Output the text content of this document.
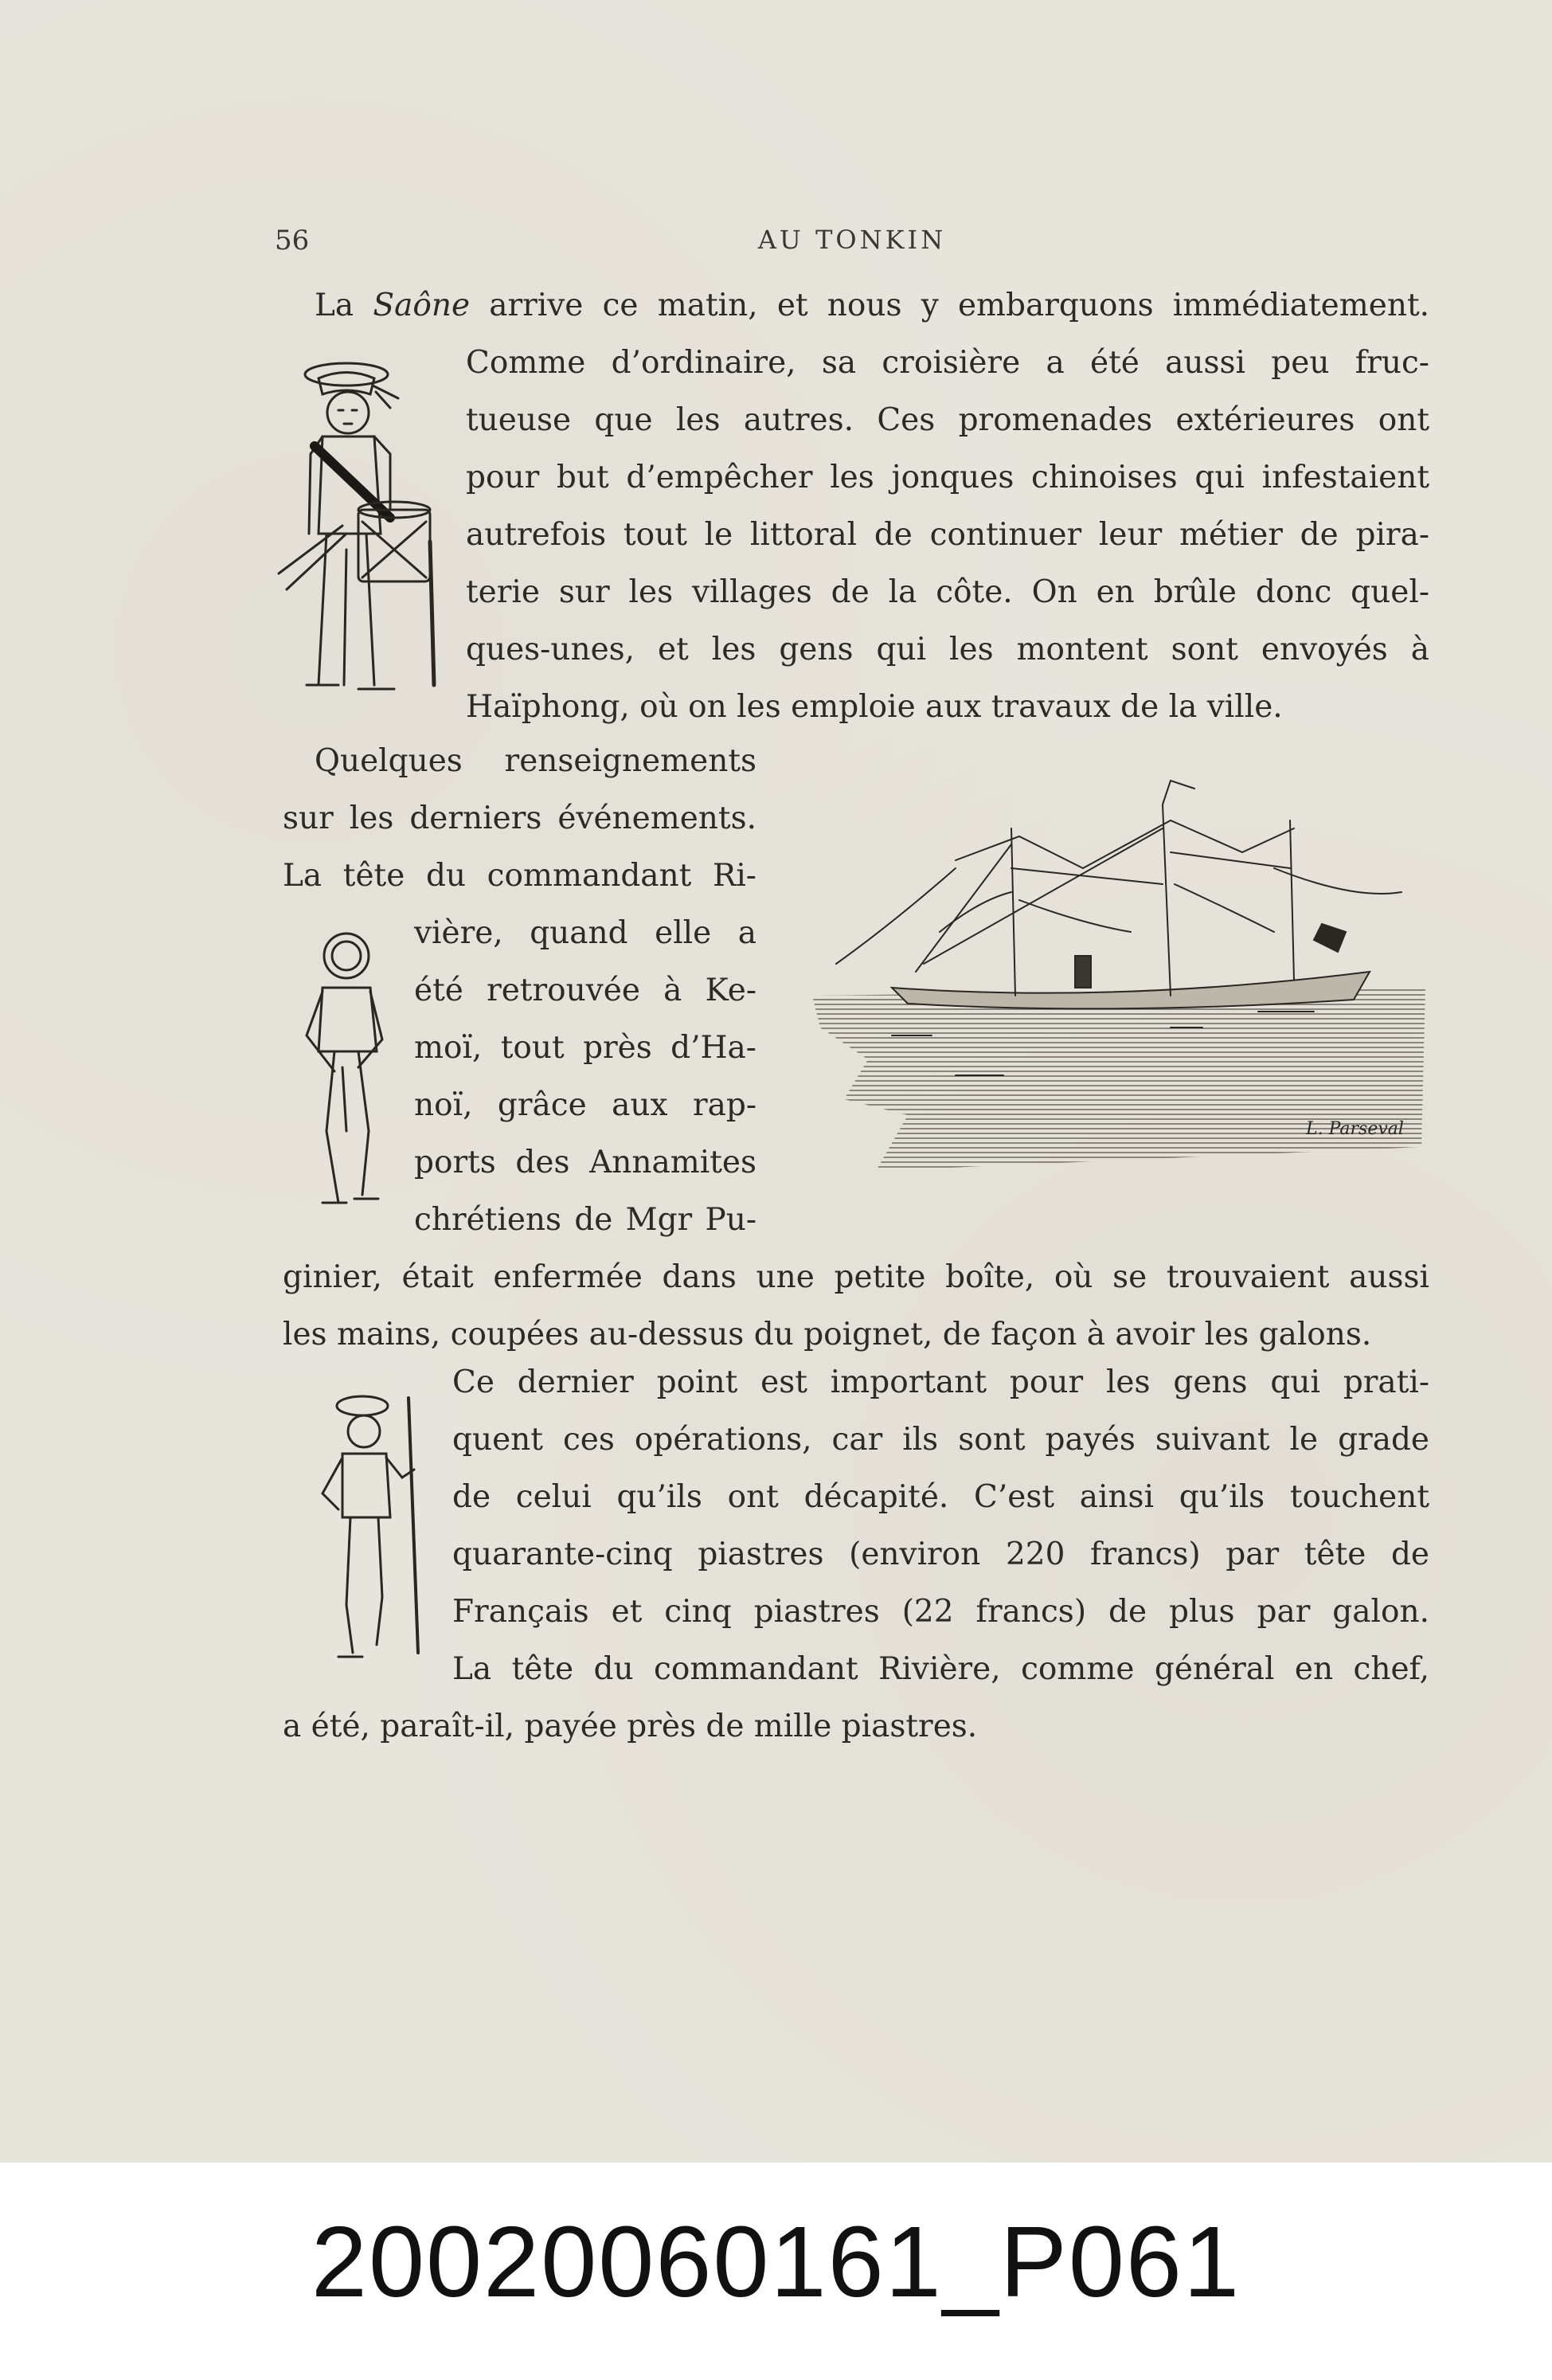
56	AU TONKIN
La Saône arrive ce matin, et nous y embarquons immédiatement.
Comme d’ordinaire, sa croisière a été aussi peu fruc-
tueuse que les autres. Ces promenades extérieures ont
pour but d’empêcher les jonques chinoises qui infestaient
autrefois tout le littoral de continuer leur métier de pira-
terie sur les villages de la côte. On en brûle donc quel-
ques-unes, et les gens qui les montent sont envoyés à
Haïphong, où on les emploie aux travaux de la ville.
Quelques renseignements
sur les derniers événements.
La tête du commandant Ri-
vière, quand elle a
été retrouvée à Ke-
moï, tout près d’Ha-
noï, grâce aux rap-
ports des Annamites
chrétiens de Mgr Pu-
L. Parseval
ginier, était enfermée dans une petite boîte, où se trouvaient aussi
les mains, coupées au-dessus du poignet, de façon à avoir les galons.
Ce dernier point est important pour les gens qui prati-
quent ces opérations, car ils sont payés suivant le grade
de celui qu’ils ont décapité. C’est ainsi qu’ils touchent
quarante-cinq piastres (environ 220 francs) par tête de
Français et cinq piastres (22 francs) de plus par galon.
La tête du commandant Rivière, comme général en chef,
a été, paraît-il, payée près de mille piastres.
20020060161_P061
